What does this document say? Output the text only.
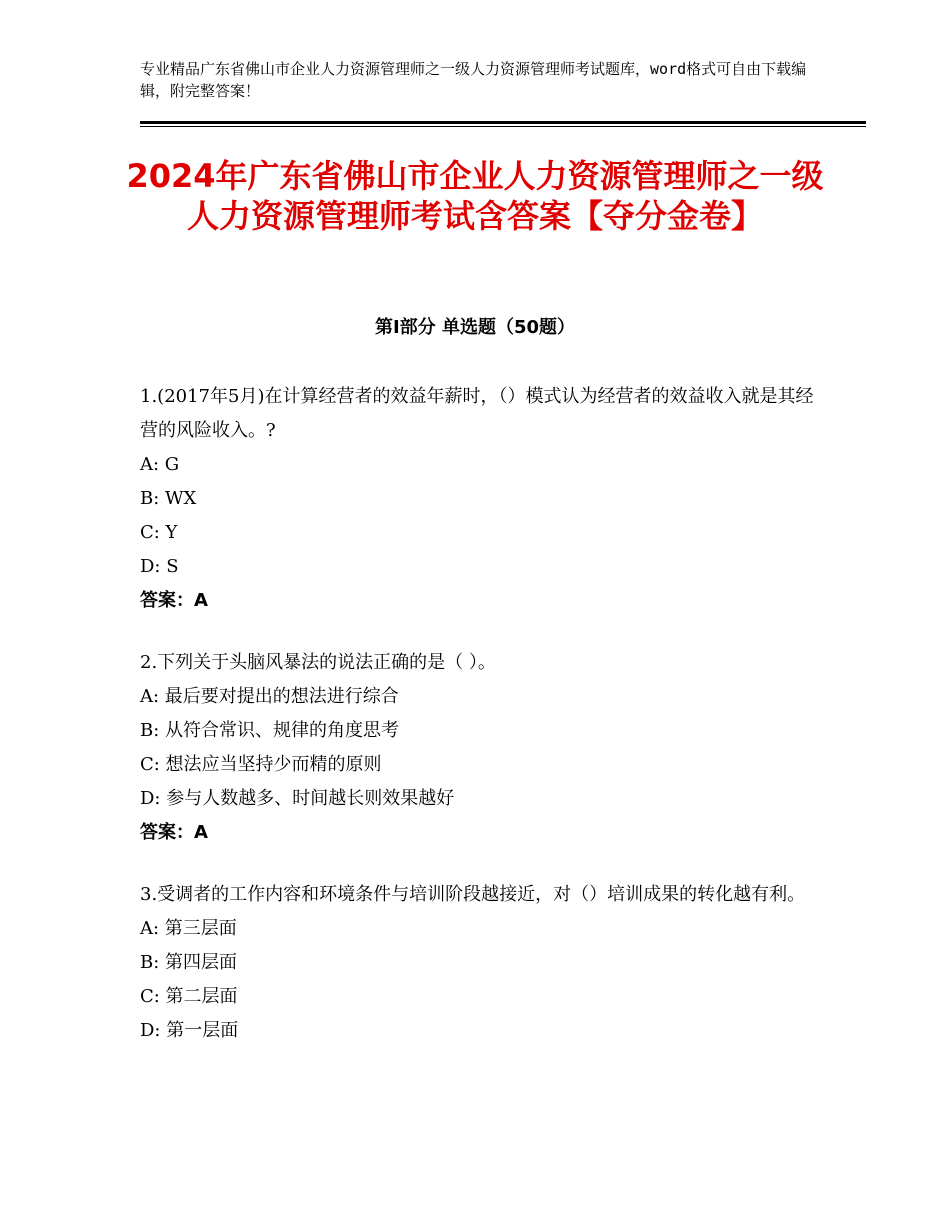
专业精品广东省佛山市企业人力资源管理师之一级人力资源管理师考试题库，word格式可自由下载编辑，附完整答案！
2024年广东省佛山市企业人力资源管理师之一级人力资源管理师考试含答案【夺分金卷】
第Ⅰ部分 单选题（50题）

1.(2017年5月)在计算经营者的效益年薪时，（）模式认为经营者的效益收入就是其经营的风险收入。?

A: G

B: WX

C: Y

D: S

答案：A

2.下列关于头脑风暴法的说法正确的是（ ）。

A: 最后要对提出的想法进行综合

B: 从符合常识、规律的角度思考

C: 想法应当坚持少而精的原则

D: 参与人数越多、时间越长则效果越好

答案：A

3.受调者的工作内容和环境条件与培训阶段越接近，对（）培训成果的转化越有利。

A: 第三层面

B: 第四层面

C: 第二层面

D: 第一层面
